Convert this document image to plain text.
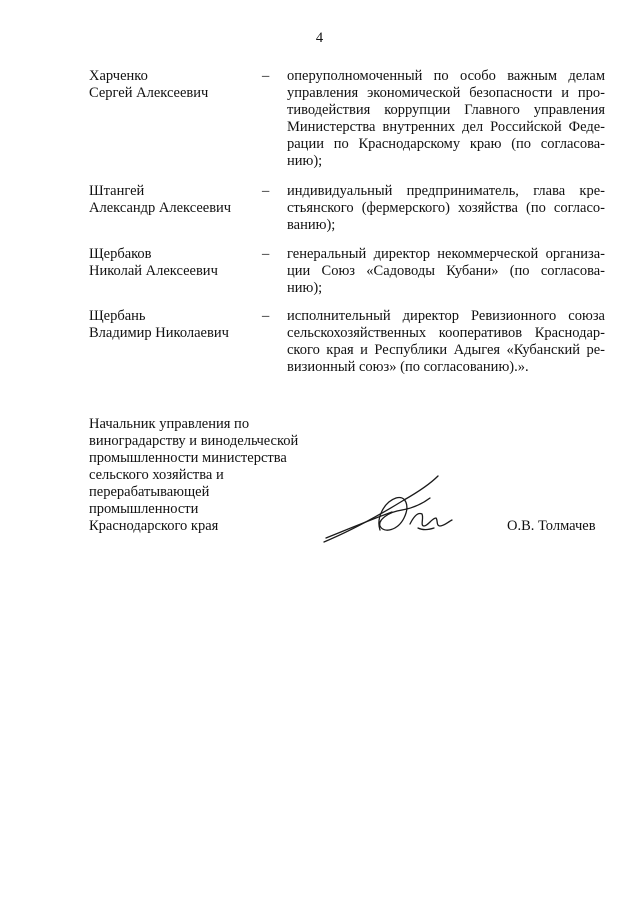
4
Харченко
Сергей Алексеевич
– оперуполномоченный по особо важным делам
управления экономической безопасности и про-
тиводействия коррупции Главного управления
Министерства внутренних дел Российской Феде-
рации по Краснодарскому краю (по согласова-
нию);
Штангей
Александр Алексеевич
– индивидуальный предприниматель, глава кре-
стьянского (фермерского) хозяйства (по согласо-
ванию);
Щербаков
Николай Алексеевич
– генеральный директор некоммерческой организа-
ции Союз «Садоводы Кубани» (по согласова-
нию);
Щербань
Владимир Николаевич
– исполнительный директор Ревизионного союза
сельскохозяйственных кооперативов Краснодар-
ского края и Республики Адыгея «Кубанский ре-
визионный союз» (по согласованию).».
Начальник управления по
виноградарству и винодельческой
промышленности министерства
сельского хозяйства и
перерабатывающей
промышленности
Краснодарского края	О.В. Толмачев
